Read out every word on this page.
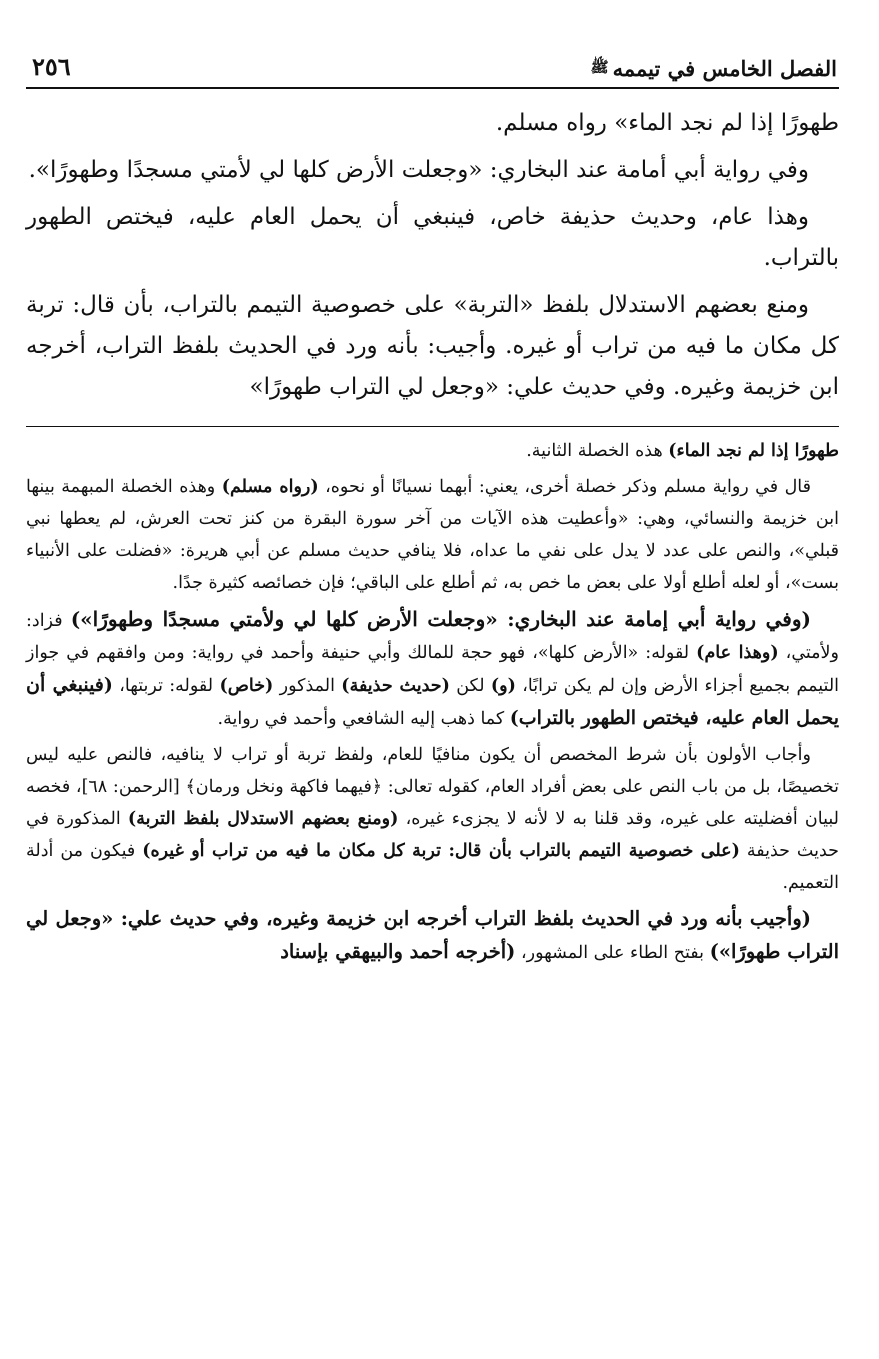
الفصل الخامس في تيممه
ﷺ
٢٥٦

طهورًا إذا لم نجد الماء» رواه مسلم.

وفي رواية أبي أمامة عند البخاري: «وجعلت الأرض كلها لي لأمتي مسجدًا وطهورًا».

وهذا عام، وحديث حذيفة خاص، فينبغي أن يحمل العام عليه، فيختص الطهور بالتراب.

ومنع بعضهم الاستدلال بلفظ «التربة» على خصوصية التيمم بالتراب، بأن قال: تربة كل مكان ما فيه من تراب أو غيره. وأجيب: بأنه ورد في الحديث بلفظ التراب، أخرجه ابن خزيمة وغيره. وفي حديث علي: «وجعل لي التراب طهورًا»

طهورًا إذا لم نجد الماء) هذه الخصلة الثانية.

قال في رواية مسلم وذكر خصلة أخرى، يعني: أبهما نسيانًا أو نحوه، (رواه مسلم) وهذه الخصلة المبهمة بينها ابن خزيمة والنسائي، وهي: «وأعطيت هذه الآيات من آخر سورة البقرة من كنز تحت العرش، لم يعطها نبي قبلي»، والنص على عدد لا يدل على نفي ما عداه، فلا ينافي حديث مسلم عن أبي هريرة: «فضلت على الأنبياء بست»، أو لعله أطلع أولا على بعض ما خص به، ثم أطلع على الباقي؛ فإن خصائصه كثيرة جدًا.

(وفي رواية أبي إمامة عند البخاري: «وجعلت الأرض كلها لي ولأمتي مسجدًا وطهورًا») فزاد: ولأمتي، (وهذا عام) لقوله: «الأرض كلها»، فهو حجة للمالك وأبي حنيفة وأحمد في رواية: ومن وافقهم في جواز التيمم بجميع أجزاء الأرض وإن لم يكن ترابًا، (و) لكن (حديث حذيفة) المذكور (خاص) لقوله: تربتها، (فينبغي أن يحمل العام عليه، فيختص الطهور بالتراب) كما ذهب إليه الشافعي وأحمد في رواية.

وأجاب الأولون بأن شرط المخصص أن يكون منافيًا للعام، ولفظ تربة أو تراب لا ينافيه، فالنص عليه ليس تخصيصًا، بل من باب النص على بعض أفراد العام، كقوله تعالى: ﴿فيهما فاكهة ونخل ورمان﴾ [الرحمن: ٦٨]، فخصه لبيان أفضليته على غيره، وقد قلنا به لا لأنه لا يجزىء غيره، (ومنع بعضهم الاستدلال بلفظ التربة) المذكورة في حديث حذيفة (على خصوصية التيمم بالتراب بأن قال: تربة كل مكان ما فيه من تراب أو غيره) فيكون من أدلة التعميم.

(وأجيب بأنه ورد في الحديث بلفظ التراب أخرجه ابن خزيمة وغيره، وفي حديث علي: «وجعل لي التراب طهورًا») بفتح الطاء على المشهور، (أخرجه أحمد والبيهقي بإسناد
